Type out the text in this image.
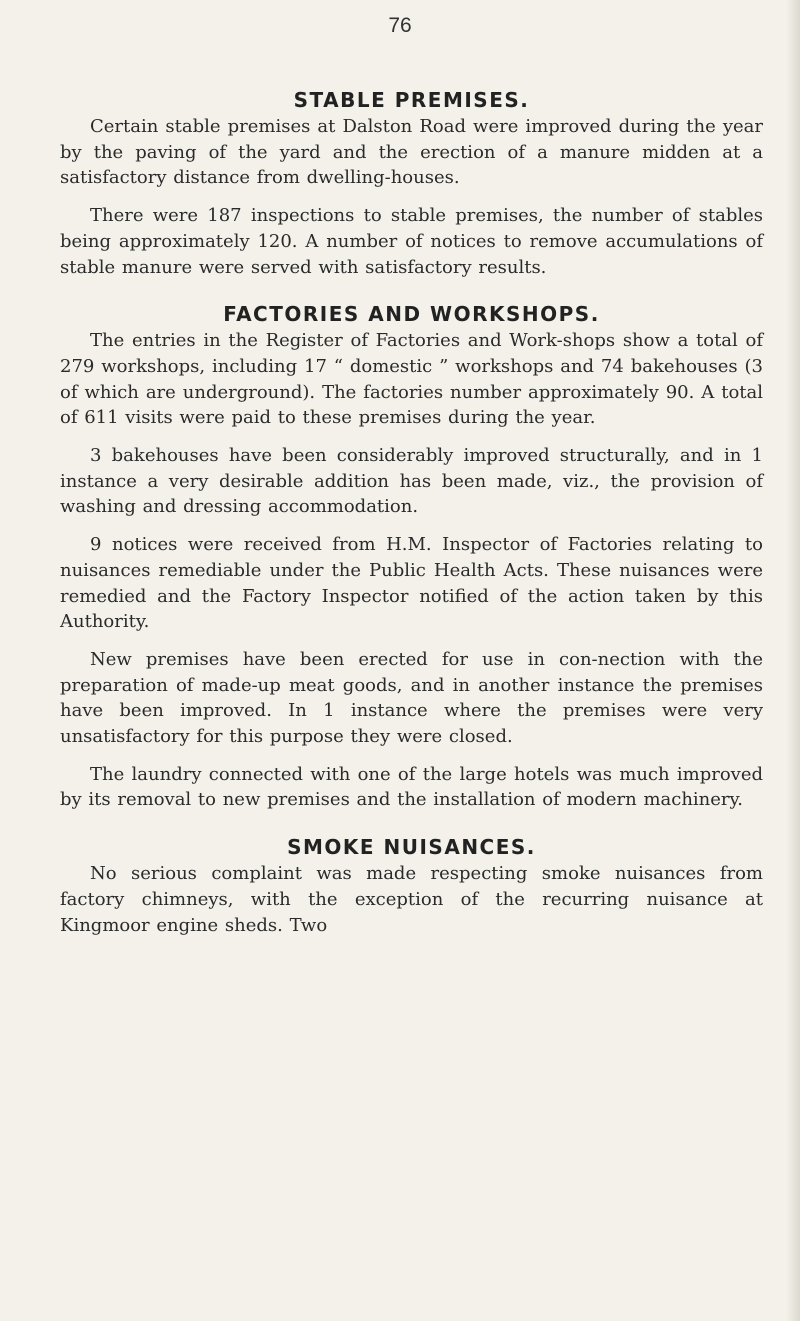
76
STABLE PREMISES.

Certain stable premises at Dalston Road were improved during the year by the paving of the yard and the erection of a manure midden at a satisfactory distance from dwelling-houses.

There were 187 inspections to stable premises, the number of stables being approximately 120. A number of notices to remove accumulations of stable manure were served with satisfactory results.

FACTORIES AND WORKSHOPS.

The entries in the Register of Factories and Work-shops show a total of 279 workshops, including 17 “ domestic ” workshops and 74 bakehouses (3 of which are underground). The factories number approximately 90. A total of 611 visits were paid to these premises during the year.

3 bakehouses have been considerably improved structurally, and in 1 instance a very desirable addition has been made, viz., the provision of washing and dressing accommodation.

9 notices were received from H.M. Inspector of Factories relating to nuisances remediable under the Public Health Acts. These nuisances were remedied and the Factory Inspector notified of the action taken by this Authority.

New premises have been erected for use in con-nection with the preparation of made-up meat goods, and in another instance the premises have been improved. In 1 instance where the premises were very unsatisfactory for this purpose they were closed.

The laundry connected with one of the large hotels was much improved by its removal to new premises and the installation of modern machinery.

SMOKE NUISANCES.

No serious complaint was made respecting smoke nuisances from factory chimneys, with the exception of the recurring nuisance at Kingmoor engine sheds. Two
